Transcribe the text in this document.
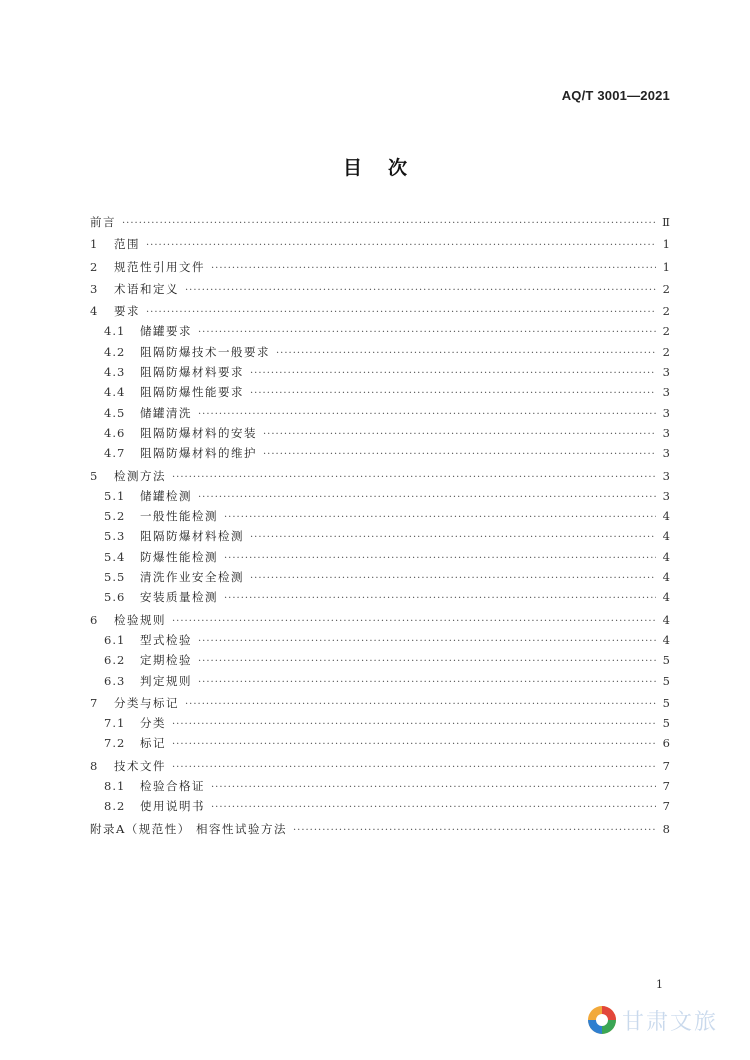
AQ/T 3001—2021
目次
前言 ·····	Ⅱ
1	范围 ·····	1
2	规范性引用文件 ·····	1
3	术语和定义 ·····	2
4	要求 ·····	2
4.1	储罐要求 ·····	2
4.2	阻隔防爆技术一般要求 ·····	2
4.3	阻隔防爆材料要求 ·····	3
4.4	阻隔防爆性能要求 ·····	3
4.5	储罐清洗 ·····	3
4.6	阻隔防爆材料的安装 ·····	3
4.7	阻隔防爆材料的维护 ·····	3
5	检测方法 ·····	3
5.1	储罐检测 ·····	3
5.2	一般性能检测 ·····	4
5.3	阻隔防爆材料检测 ·····	4
5.4	防爆性能检测 ·····	4
5.5	清洗作业安全检测 ·····	4
5.6	安装质量检测 ·····	4
6	检验规则 ·····	4
6.1	型式检验 ·····	4
6.2	定期检验 ·····	5
6.3	判定规则 ·····	5
7	分类与标记 ·····	5
7.1	分类 ·····	5
7.2	标记 ·····	6
8	技术文件 ·····	7
8.1	检验合格证 ·····	7
8.2	使用说明书 ·····	7
附录A（规范性） 相容性试验方法 ·····	8
1
甘肃文旅
